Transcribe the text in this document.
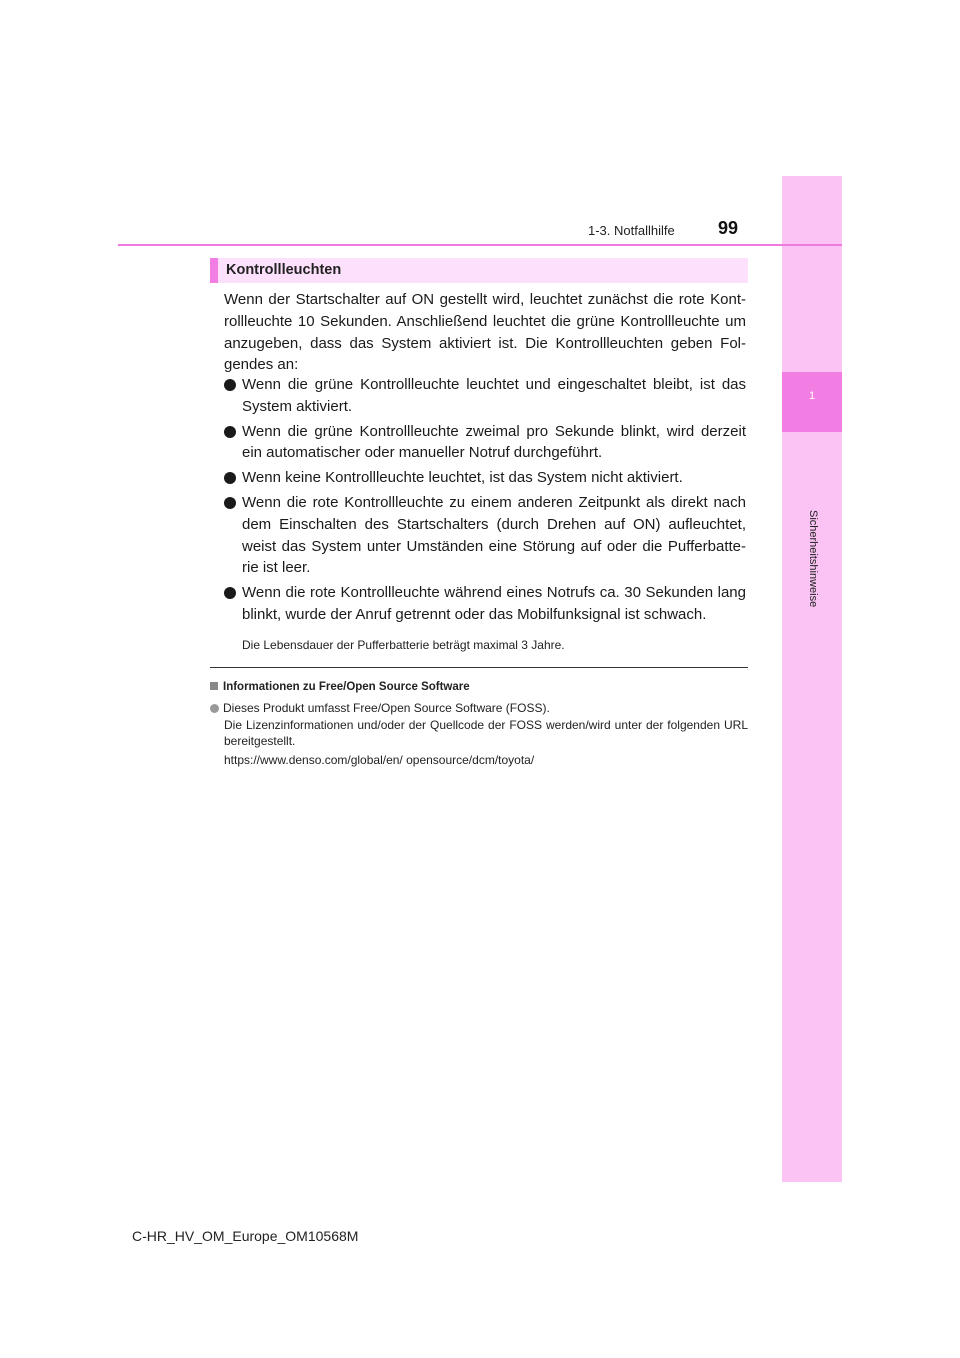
1
Sicherheitshinweise
1-3. Notfallhilfe 99
Kontrollleuchten

Wenn der Startschalter auf ON gestellt wird, leuchtet zunächst die rote Kont-rollleuchte 10 Sekunden. Anschließend leuchtet die grüne Kontrollleuchte um anzugeben, dass das System aktiviert ist. Die Kontrollleuchten geben Fol-gendes an:

Wenn die grüne Kontrollleuchte leuchtet und eingeschaltet bleibt, ist das System aktiviert.
Wenn die grüne Kontrollleuchte zweimal pro Sekunde blinkt, wird derzeit ein automatischer oder manueller Notruf durchgeführt.
Wenn keine Kontrollleuchte leuchtet, ist das System nicht aktiviert.
Wenn die rote Kontrollleuchte zu einem anderen Zeitpunkt als direkt nach dem Einschalten des Startschalters (durch Drehen auf ON) aufleuchtet, weist das System unter Umständen eine Störung auf oder die Pufferbatte-rie ist leer.
Wenn die rote Kontrollleuchte während eines Notrufs ca. 30 Sekunden lang blinkt, wurde der Anruf getrennt oder das Mobilfunksignal ist schwach.
Die Lebensdauer der Pufferbatterie beträgt maximal 3 Jahre.
Informationen zu Free/Open Source Software
Dieses Produkt umfasst Free/Open Source Software (FOSS).
Die Lizenzinformationen und/oder der Quellcode der FOSS werden/wird unter der folgenden URL bereitgestellt.
https://www.denso.com/global/en/ opensource/dcm/toyota/
C-HR_HV_OM_Europe_OM10568M
